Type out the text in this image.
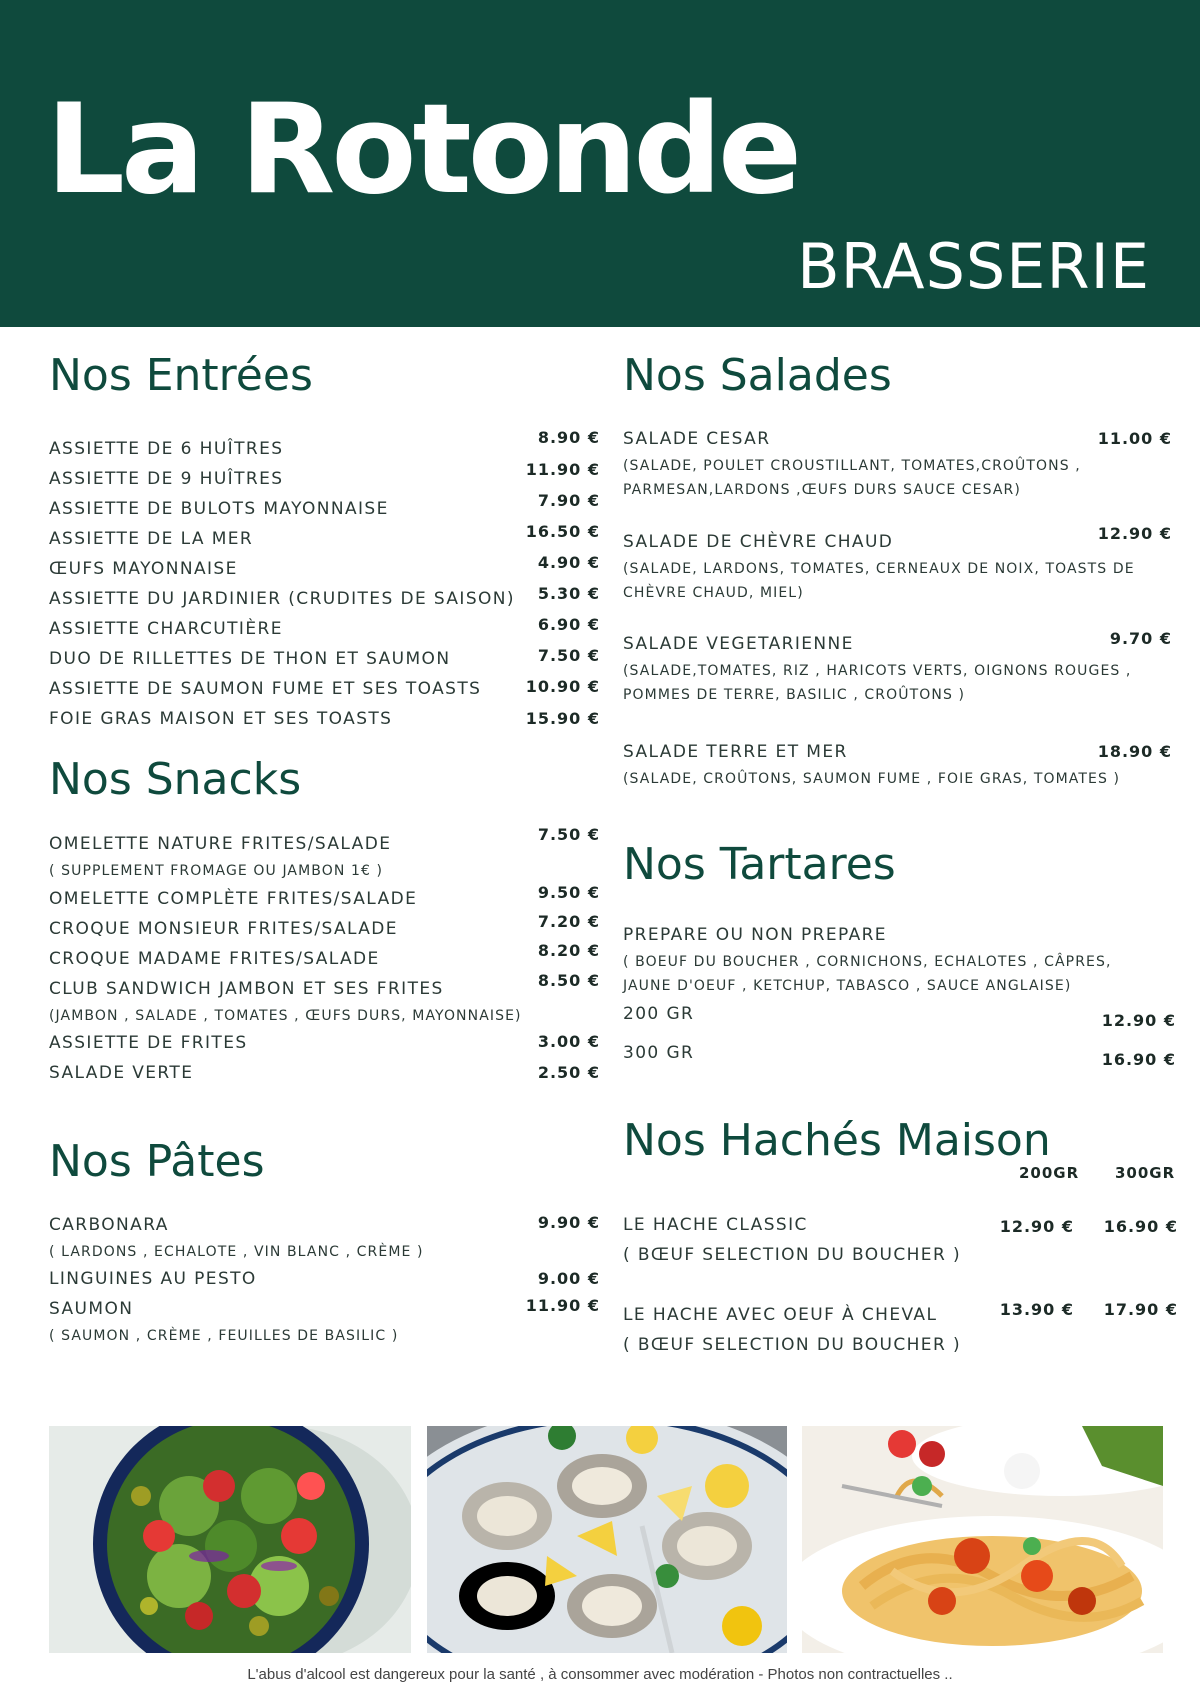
La Rotonde
BRASSERIE
Nos Entrées
ASSIETTE DE 6 HUÎTRES
8.90 €
ASSIETTE DE 9 HUÎTRES	11.90 €
ASSIETTE DE BULOTS MAYONNAISE	7.90 €
ASSIETTE DE LA MER	16.50 €
ŒUFS MAYONNAISE	4.90 €
ASSIETTE DU JARDINIER (CRUDITES DE SAISON) 5.30 €
ASSIETTE CHARCUTIÈRE	6.90 €
DUO DE RILLETTES DE THON ET SAUMON	7.50 €
ASSIETTE DE SAUMON FUME ET SES TOASTS	10.90 €
FOIE GRAS MAISON ET SES TOASTS	15.90 €
Nos Snacks
OMELETTE NATURE FRITES/SALADE
( SUPPLEMENT FROMAGE OU JAMBON 1€ )
7.50 €
OMELETTE COMPLÈTE FRITES/SALADE	9.50 €
CROQUE MONSIEUR FRITES/SALADE	7.20 €
CROQUE MADAME FRITES/SALADE	8.20 €
CLUB SANDWICH JAMBON ET SES FRITES
(JAMBON , SALADE , TOMATES , ŒUFS DURS, MAYONNAISE)
8.50 €
ASSIETTE DE FRITES	3.00 €
SALADE VERTE	2.50 €
Nos Pâtes
CARBONARA
( LARDONS , ECHALOTE , VIN BLANC , CRÈME )
9.90 €
LINGUINES AU PESTO	9.00 €
SAUMON
( SAUMON , CRÈME , FEUILLES DE BASILIC )
11.90 €
Nos Salades
SALADE CESAR
(SALADE, POULET CROUSTILLANT, TOMATES,CROÛTONS ,
PARMESAN,LARDONS ,ŒUFS DURS SAUCE CESAR)
11.00 €
SALADE DE CHÈVRE CHAUD
(SALADE, LARDONS, TOMATES, CERNEAUX DE NOIX, TOASTS DE
CHÈVRE CHAUD, MIEL)
12.90 €
SALADE VEGETARIENNE
(SALADE,TOMATES, RIZ , HARICOTS VERTS, OIGNONS ROUGES ,
POMMES DE TERRE, BASILIC , CROÛTONS )
9.70 €
SALADE TERRE ET MER
(SALADE, CROÛTONS, SAUMON FUME , FOIE GRAS, TOMATES )
18.90 €
Nos Tartares
PREPARE OU NON PREPARE
( BOEUF DU BOUCHER , CORNICHONS, ECHALOTES , CÂPRES,
JAUNE D'OEUF , KETCHUP, TABASCO , SAUCE ANGLAISE)
200 GR	12.90 €
300 GR	16.90 €
Nos Hachés Maison
200GR 300GR
LE HACHE CLASSIC
( BŒUF SELECTION DU BOUCHER )
12.90 € 16.90 €
LE HACHE AVEC OEUF À CHEVAL
( BŒUF SELECTION DU BOUCHER )
13.90 € 17.90 €
L'abus d'alcool est dangereux pour la santé , à consommer avec modération - Photos non contractuelles ..
